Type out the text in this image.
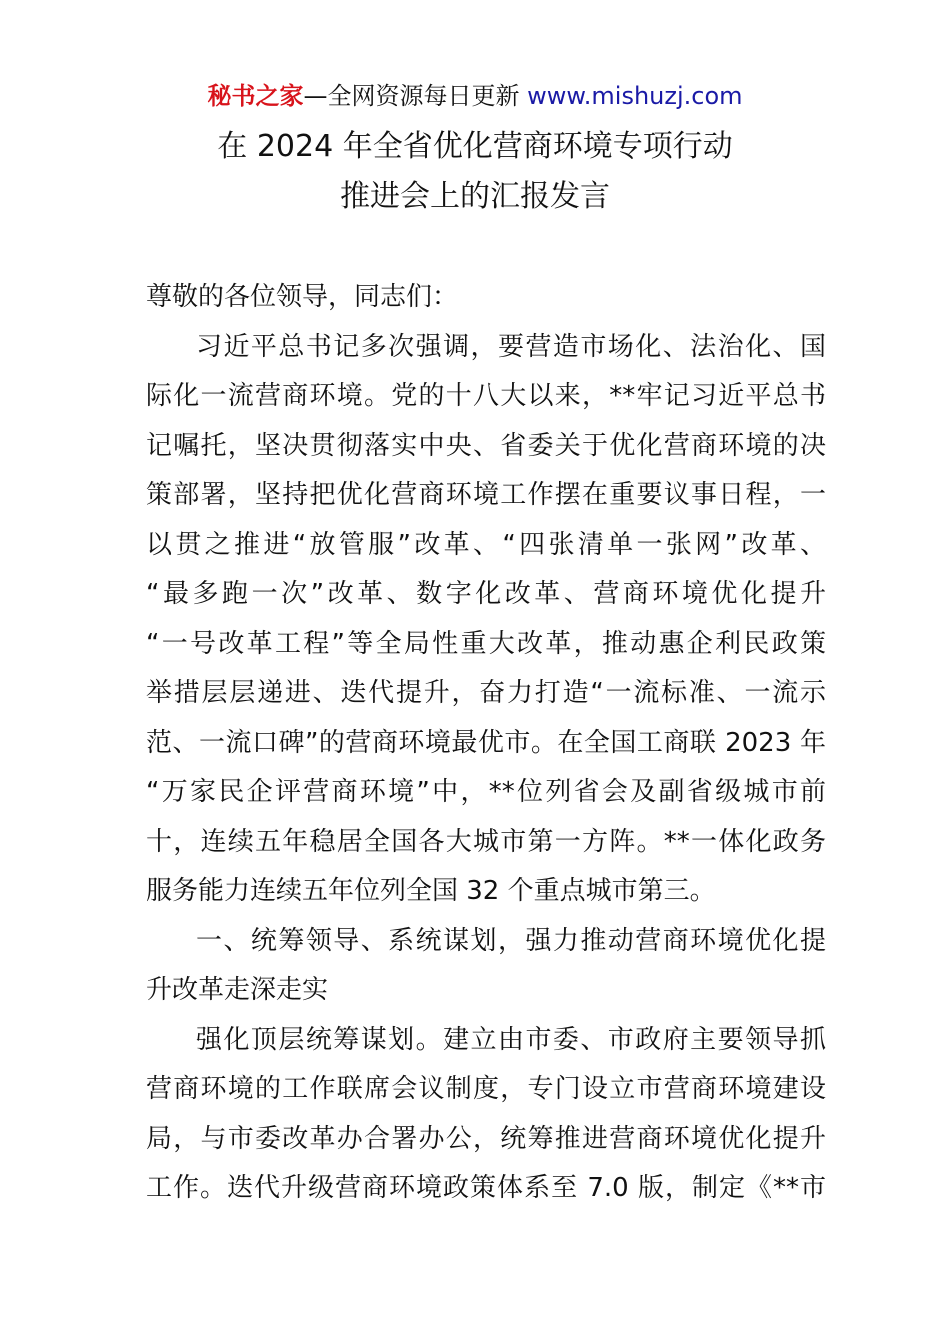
秘书之家—全网资源每日更新 www.mishuzj.com
在 2024 年全省优化营商环境专项行动
推进会上的汇报发言
尊敬的各位领导，同志们：
习近平总书记多次强调，要营造市场化、法治化、国
际化一流营商环境。党的十八大以来，**牢记习近平总书
记嘱托，坚决贯彻落实中央、省委关于优化营商环境的决
策部署，坚持把优化营商环境工作摆在重要议事日程，一
以贯之推进“放管服”改革、“四张清单一张网”改革、
“最多跑一次”改革、数字化改革、营商环境优化提升
“一号改革工程”等全局性重大改革，推动惠企利民政策
举措层层递进、迭代提升，奋力打造“一流标准、一流示
范、一流口碑”的营商环境最优市。在全国工商联 2023 年
“万家民企评营商环境”中，**位列省会及副省级城市前
十，连续五年稳居全国各大城市第一方阵。**一体化政务
服务能力连续五年位列全国 32 个重点城市第三。
一、统筹领导、系统谋划，强力推动营商环境优化提
升改革走深走实
强化顶层统筹谋划。建立由市委、市政府主要领导抓
营商环境的工作联席会议制度，专门设立市营商环境建设
局，与市委改革办合署办公，统筹推进营商环境优化提升
工作。迭代升级营商环境政策体系至 7.0 版，制定《**市
